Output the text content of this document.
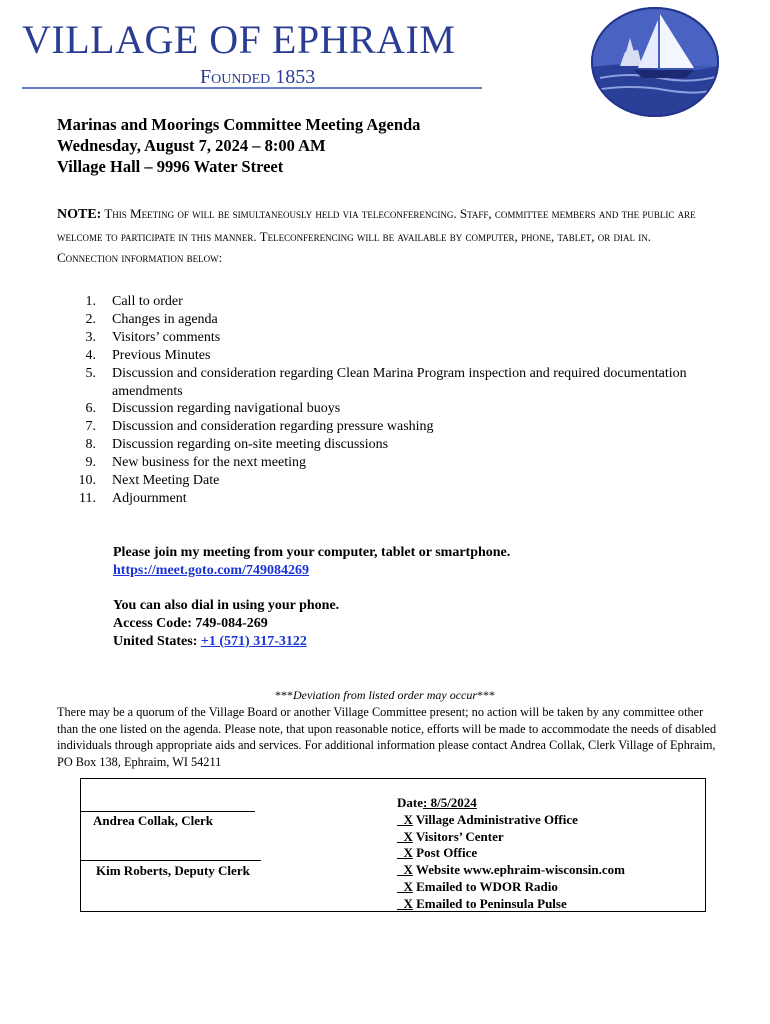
VILLAGE OF EPHRAIM
Founded 1853
Marinas and Moorings Committee Meeting Agenda
Wednesday, August 7, 2024 – 8:00 AM
Village Hall – 9996 Water Street
NOTE: This Meeting of will be simultaneously held via teleconferencing. Staff, committee members and the public are welcome to participate in this manner. Teleconferencing will be available by computer, phone, tablet, or dial in. Connection information below:
1. Call to order
2. Changes in agenda
3. Visitors’ comments
4. Previous Minutes
5. Discussion and consideration regarding Clean Marina Program inspection and required documentation amendments
6. Discussion regarding navigational buoys
7. Discussion and consideration regarding pressure washing
8. Discussion regarding on-site meeting discussions
9. New business for the next meeting
10. Next Meeting Date
11. Adjournment
Please join my meeting from your computer, tablet or smartphone.
https://meet.goto.com/749084269
You can also dial in using your phone.
Access Code: 749-084-269
United States: +1 (571) 317-3122
***Deviation from listed order may occur***
There may be a quorum of the Village Board or another Village Committee present; no action will be taken by any committee other than the one listed on the agenda. Please note, that upon reasonable notice, efforts will be made to accommodate the needs of disabled individuals through appropriate aids and services. For additional information please contact Andrea Collak, Clerk Village of Ephraim, PO Box 138, Ephraim, WI 54211
Andrea Collak, Clerk
Kim Roberts, Deputy Clerk
Date: 8/5/2024
X Village Administrative Office
X Visitors’ Center
X Post Office
X Website www.ephraim-wisconsin.com
X Emailed to WDOR Radio
X Emailed to Peninsula Pulse
